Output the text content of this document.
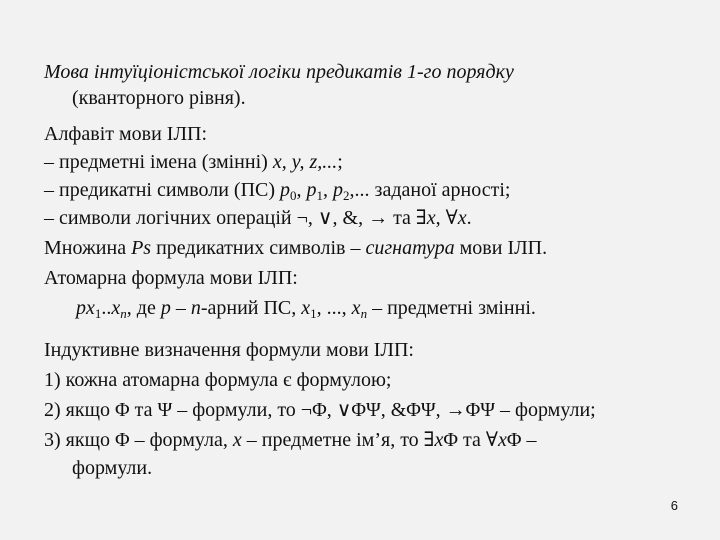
Мова інтуїціоністської логіки предикатів 1-го порядку
(кванторного рівня).
Алфавіт мови ІЛП:
– предметні імена (змінні) x, y, z,...;
– предикатні символи (ПС) $p_0$, $p_1$, $p_2$,... заданої арності;
– символи логічних операцій ¬, ∨, &, → та ∃x, ∀x.
Множина Ps предикатних символів – сигнатура мови ІЛП.
Атомарна формула мови ІЛП:
$px_1..x_n$, де p – n-арний ПС, $x_1$, ..., $x_n$ – предметні змінні.
Індуктивне визначення формули мови ІЛП:
1) кожна атомарна формула є формулою;
2) якщо Φ та Ψ – формули, то ¬Φ, ∨ΦΨ, &ΦΨ, →ΦΨ – формули;
3) якщо Φ – формула, x – предметне ім’я, то ∃xΦ та ∀xΦ –
формули.
6
